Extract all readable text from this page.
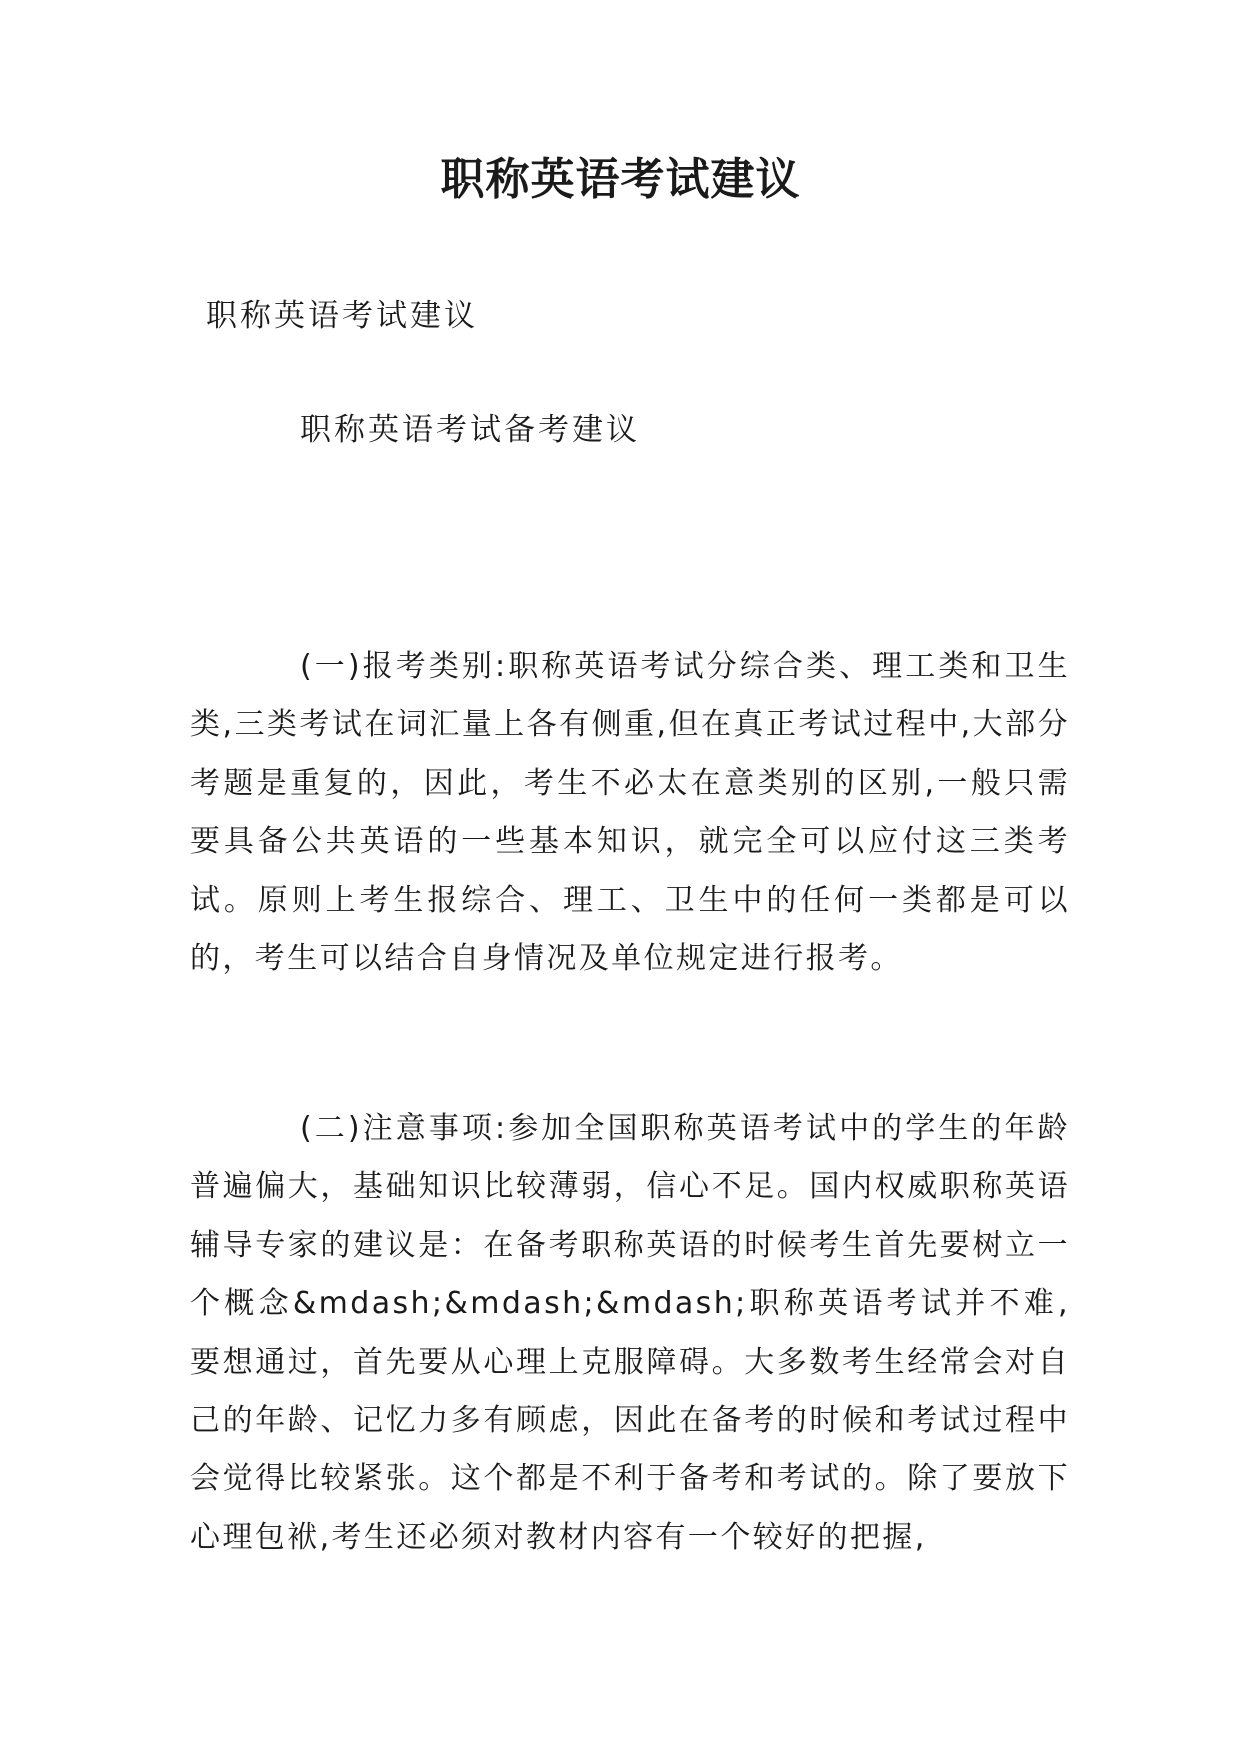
职称英语考试建议

职称英语考试建议

职称英语考试备考建议

(一)报考类别:职称英语考试分综合类、理工类和卫生类,三类考试在词汇量上各有侧重,但在真正考试过程中,大部分考题是重复的，因此，考生不必太在意类别的区别,一般只需要具备公共英语的一些基本知识，就完全可以应付这三类考试。原则上考生报综合、理工、卫生中的任何一类都是可以的，考生可以结合自身情况及单位规定进行报考。

(二)注意事项:参加全国职称英语考试中的学生的年龄普遍偏大，基础知识比较薄弱，信心不足。国内权威职称英语辅导专家的建议是：在备考职称英语的时候考生首先要树立一个概念&mdash;&mdash;&mdash;职称英语考试并不难,要想通过，首先要从心理上克服障碍。大多数考生经常会对自己的年龄、记忆力多有顾虑，因此在备考的时候和考试过程中会觉得比较紧张。这个都是不利于备考和考试的。除了要放下心理包袱,考生还必须对教材内容有一个较好的把握,
